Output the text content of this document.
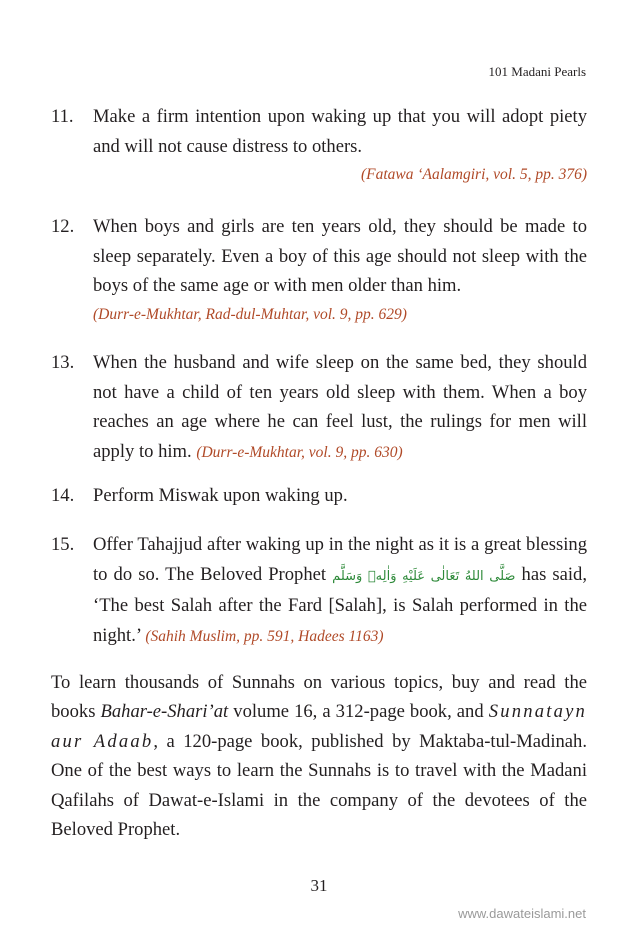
101 Madani Pearls
11. Make a firm intention upon waking up that you will adopt piety and will not cause distress to others.
(Fatawa ‘Aalamgiri, vol. 5, pp. 376)
12. When boys and girls are ten years old, they should be made to sleep separately. Even a boy of this age should not sleep with the boys of the same age or with men older than him.
(Durr-e-Mukhtar, Rad-dul-Muhtar, vol. 9, pp. 629)
13. When the husband and wife sleep on the same bed, they should not have a child of ten years old sleep with them. When a boy reaches an age where he can feel lust, the rulings for men will apply to him. (Durr-e-Mukhtar, vol. 9, pp. 630)
14. Perform Miswak upon waking up.
15. Offer Tahajjud after waking up in the night as it is a great blessing to do so. The Beloved Prophet صَلَّى اللهُ تَعَالٰى عَلَيْهِ وَاٰلِهٖ وَسَلَّم has said, ‘The best Salah after the Fard [Salah], is Salah performed in the night.’ (Sahih Muslim, pp. 591, Hadees 1163)
To learn thousands of Sunnahs on various topics, buy and read the books Bahar-e-Shari’at volume 16, a 312-page book, and Sunnatayn aur Adaab, a 120-page book, published by Maktaba-tul-Madinah. One of the best ways to learn the Sunnahs is to travel with the Madani Qafilahs of Dawat-e-Islami in the company of the devotees of the Beloved Prophet.
31
www.dawateislami.net
